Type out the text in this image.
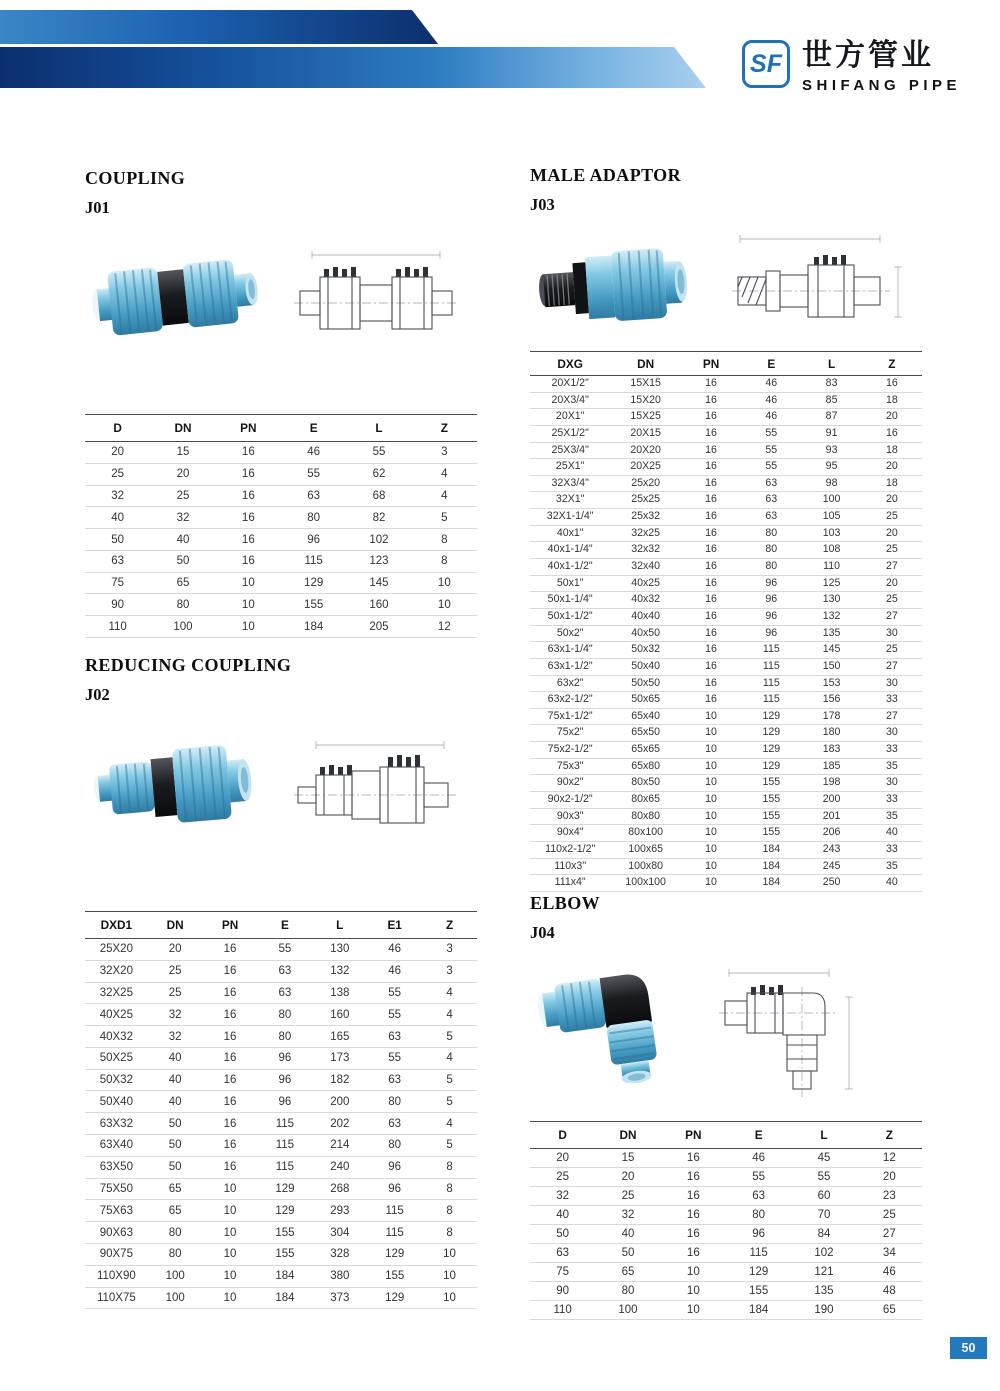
SF 世方管业
SHIFANG PIPE
COUPLING
J01
D	DN	PN	E	L	Z
20	15	16	46	55	3
25	20	16	55	62	4
32	25	16	63	68	4
40	32	16	80	82	5
50	40	16	96	102	8
63	50	16	115	123	8
75	65	10	129	145	10
90	80	10	155	160	10
110	100	10	184	205	12
REDUCING COUPLING
J02
DXD1	DN	PN	E	L	E1	Z
25X20	20	16	55	130	46	3
32X20	25	16	63	132	46	3
32X25	25	16	63	138	55	4
40X25	32	16	80	160	55	4
40X32	32	16	80	165	63	5
50X25	40	16	96	173	55	4
50X32	40	16	96	182	63	5
50X40	40	16	96	200	80	5
63X32	50	16	115	202	63	4
63X40	50	16	115	214	80	5
63X50	50	16	115	240	96	8
75X50	65	10	129	268	96	8
75X63	65	10	129	293	115	8
90X63	80	10	155	304	115	8
90X75	80	10	155	328	129	10
110X90	100	10	184	380	155	10
110X75	100	10	184	373	129	10
MALE ADAPTOR
J03
DXG	DN	PN	E	L	Z
20X1/2"	15X15	16	46	83	16
20X3/4"	15X20	16	46	85	18
20X1"	15X25	16	46	87	20
25X1/2"	20X15	16	55	91	16
25X3/4"	20X20	16	55	93	18
25X1"	20X25	16	55	95	20
32X3/4"	25x20	16	63	98	18
32X1"	25x25	16	63	100	20
32X1-1/4"	25x32	16	63	105	25
40x1"	32x25	16	80	103	20
40x1-1/4"	32x32	16	80	108	25
40x1-1/2"	32x40	16	80	110	27
50x1"	40x25	16	96	125	20
50x1-1/4"	40x32	16	96	130	25
50x1-1/2"	40x40	16	96	132	27
50x2"	40x50	16	96	135	30
63x1-1/4"	50x32	16	115	145	25
63x1-1/2"	50x40	16	115	150	27
63x2"	50x50	16	115	153	30
63x2-1/2"	50x65	16	115	156	33
75x1-1/2"	65x40	10	129	178	27
75x2"	65x50	10	129	180	30
75x2-1/2"	65x65	10	129	183	33
75x3"	65x80	10	129	185	35
90x2"	80x50	10	155	198	30
90x2-1/2"	80x65	10	155	200	33
90x3"	80x80	10	155	201	35
90x4"	80x100	10	155	206	40
110x2-1/2"	100x65	10	184	243	33
110x3"	100x80	10	184	245	35
111x4"	100x100	10	184	250	40
ELBOW
J04
D	DN	PN	E	L	Z
20	15	16	46	45	12
25	20	16	55	55	20
32	25	16	63	60	23
40	32	16	80	70	25
50	40	16	96	84	27
63	50	16	115	102	34
75	65	10	129	121	46
90	80	10	155	135	48
110	100	10	184	190	65
50
